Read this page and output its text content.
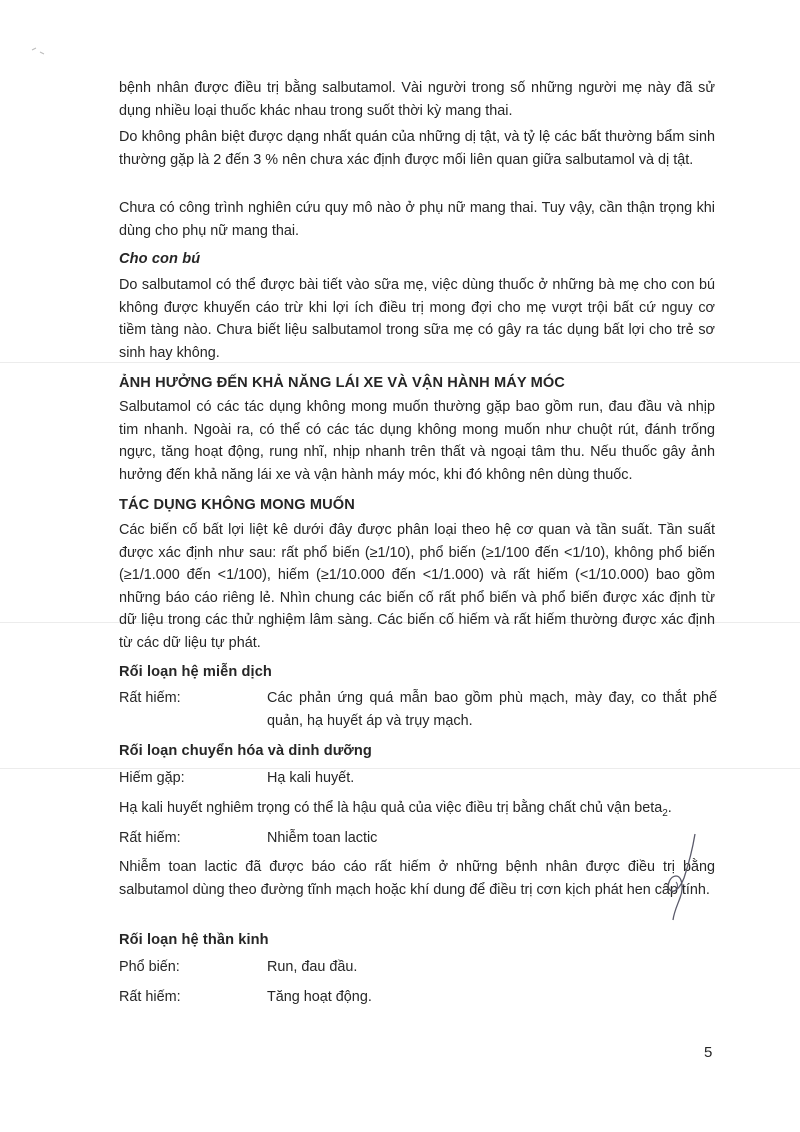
bệnh nhân được điều trị bằng salbutamol. Vài người trong số những người mẹ này đã sử dụng nhiều loại thuốc khác nhau trong suốt thời kỳ mang thai.

Do không phân biệt được dạng nhất quán của những dị tật, và tỷ lệ các bất thường bẩm sinh thường gặp là 2 đến 3 % nên chưa xác định được mối liên quan giữa salbutamol và dị tật.

Chưa có công trình nghiên cứu quy mô nào ở phụ nữ mang thai. Tuy vậy, cần thận trọng khi dùng cho phụ nữ mang thai.

Cho con bú

Do salbutamol có thể được bài tiết vào sữa mẹ, việc dùng thuốc ở những bà mẹ cho con bú không được khuyến cáo trừ khi lợi ích điều trị mong đợi cho mẹ vượt trội bất cứ nguy cơ tiềm tàng nào. Chưa biết liệu salbutamol trong sữa mẹ có gây ra tác dụng bất lợi cho trẻ sơ sinh hay không.

ẢNH HƯỞNG ĐẾN KHẢ NĂNG LÁI XE VÀ VẬN HÀNH MÁY MÓC

Salbutamol có các tác dụng không mong muốn thường gặp bao gồm run, đau đầu và nhịp tim nhanh. Ngoài ra, có thể có các tác dụng không mong muốn như chuột rút, đánh trống ngực, tăng hoạt động, rung nhĩ, nhịp nhanh trên thất và ngoại tâm thu. Nếu thuốc gây ảnh hưởng đến khả năng lái xe và vận hành máy móc, khi đó không nên dùng thuốc.

TÁC DỤNG KHÔNG MONG MUỐN

Các biến cố bất lợi liệt kê dưới đây được phân loại theo hệ cơ quan và tần suất. Tần suất được xác định như sau: rất phổ biến (≥1/10), phổ biến (≥1/100 đến <1/10), không phổ biến (≥1/1.000 đến <1/100), hiếm (≥1/10.000 đến <1/1.000) và rất hiếm (<1/10.000) bao gồm những báo cáo riêng lẻ. Nhìn chung các biến cố rất phổ biến và phổ biến được xác định từ dữ liệu trong các thử nghiệm lâm sàng. Các biến cố hiếm và rất hiếm thường được xác định từ các dữ liệu tự phát.

Rối loạn hệ miễn dịch

Rất hiếm:	Các phản ứng quá mẫn bao gồm phù mạch, mày đay, co thắt phế quản, hạ huyết áp và trụy mạch.

Rối loạn chuyển hóa và dinh dưỡng

Hiếm gặp:	Hạ kali huyết.

Hạ kali huyết nghiêm trọng có thể là hậu quả của việc điều trị bằng chất chủ vận beta$_2$.

Rất hiếm:	Nhiễm toan lactic

Nhiễm toan lactic đã được báo cáo rất hiếm ở những bệnh nhân được điều trị bằng salbutamol dùng theo đường tĩnh mạch hoặc khí dung để điều trị cơn kịch phát hen cấp tính.

Rối loạn hệ thần kinh

Phổ biến:	Run, đau đầu.
Rất hiếm:	Tăng hoạt động.
5
